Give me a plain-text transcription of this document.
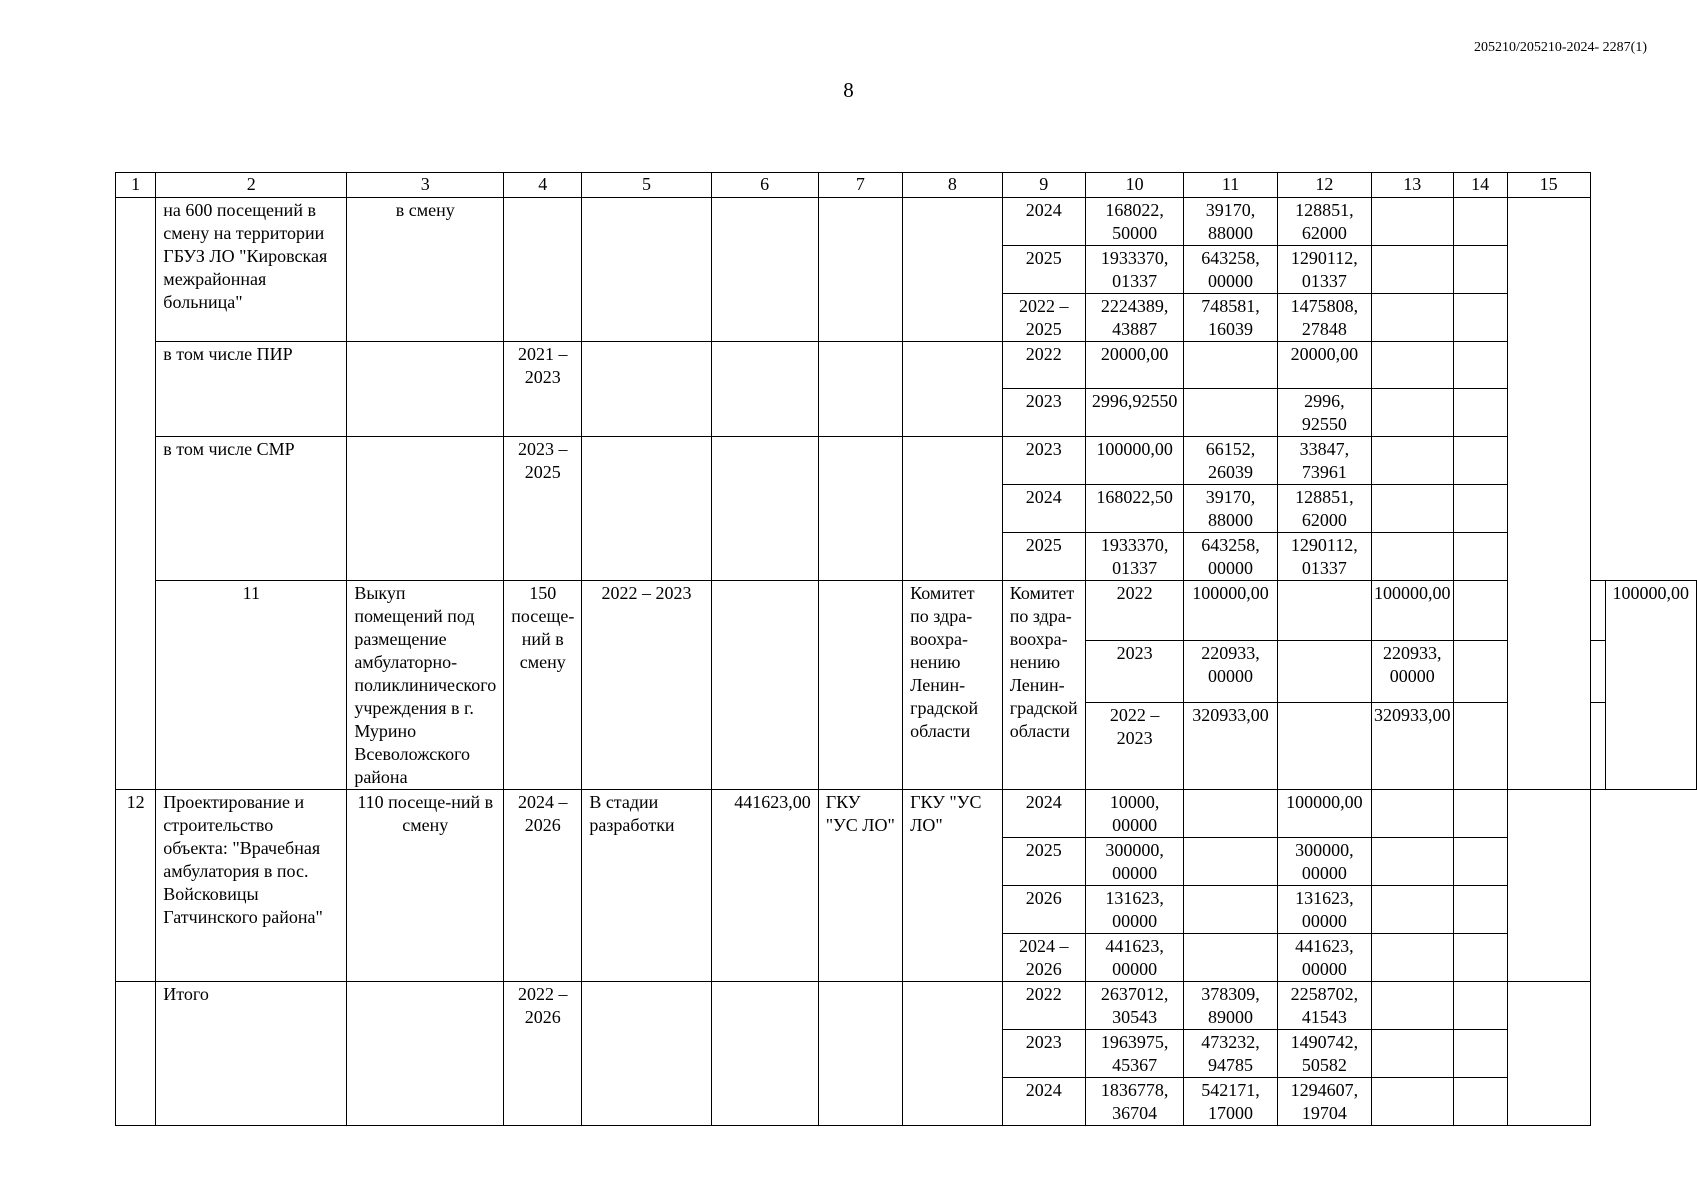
205210/205210-2024- 2287(1)
8
1	2	3	4	5	6	7	8	9	10	11	12	13	14	15		
	на 600 посещений в смену на территории ГБУЗ ЛО "Кировская межрайонная больница"	в смену						2024	168022, 50000	39170, 88000	128851, 62000					
								2025	1933370, 01337	643258, 00000	1290112, 01337					
								2022 – 2025	2224389, 43887	748581, 16039	1475808, 27848					
	в том числе ПИР		2021 – 2023					2022	20000,00		20000,00					
								2023	2996,92550		2996, 92550					
	в том числе СМР		2023 – 2025					2023	100000,00	66152, 26039	33847, 73961					
								2024	168022,50	39170, 88000	128851, 62000					
								2025	1933370, 01337	643258, 00000	1290112, 01337					
	11	Выкуп помещений под размещение амбулаторно-поликлинического учреждения в г. Мурино Всеволожского района	150 посеще-ний в смену	2022 – 2023			Комитет по здра-воохра-нению Ленин-градской области	Комитет по здра-воохра-нению Ленин-градской области	2022	100000,00		100000,00				100000,00
									2023	220933, 00000		220933, 00000				
									2022 – 2023	320933,00		320933,00				
12	Проектирование и строительство объекта: "Врачебная амбулатория в пос. Войсковицы Гатчинского района"	110 посеще-ний в смену	2024 – 2026	В стадии разработки	441623,00	ГКУ "УС ЛО"	ГКУ "УС ЛО"	2024	10000, 00000		100000,00					
								2025	300000, 00000		300000, 00000					
								2026	131623, 00000		131623, 00000					
								2024 – 2026	441623, 00000		441623, 00000					
	Итого		2022 – 2026					2022	2637012, 30543	378309, 89000	2258702, 41543					
								2023	1963975, 45367	473232, 94785	1490742, 50582					
								2024	1836778, 36704	542171, 17000	1294607, 19704					
